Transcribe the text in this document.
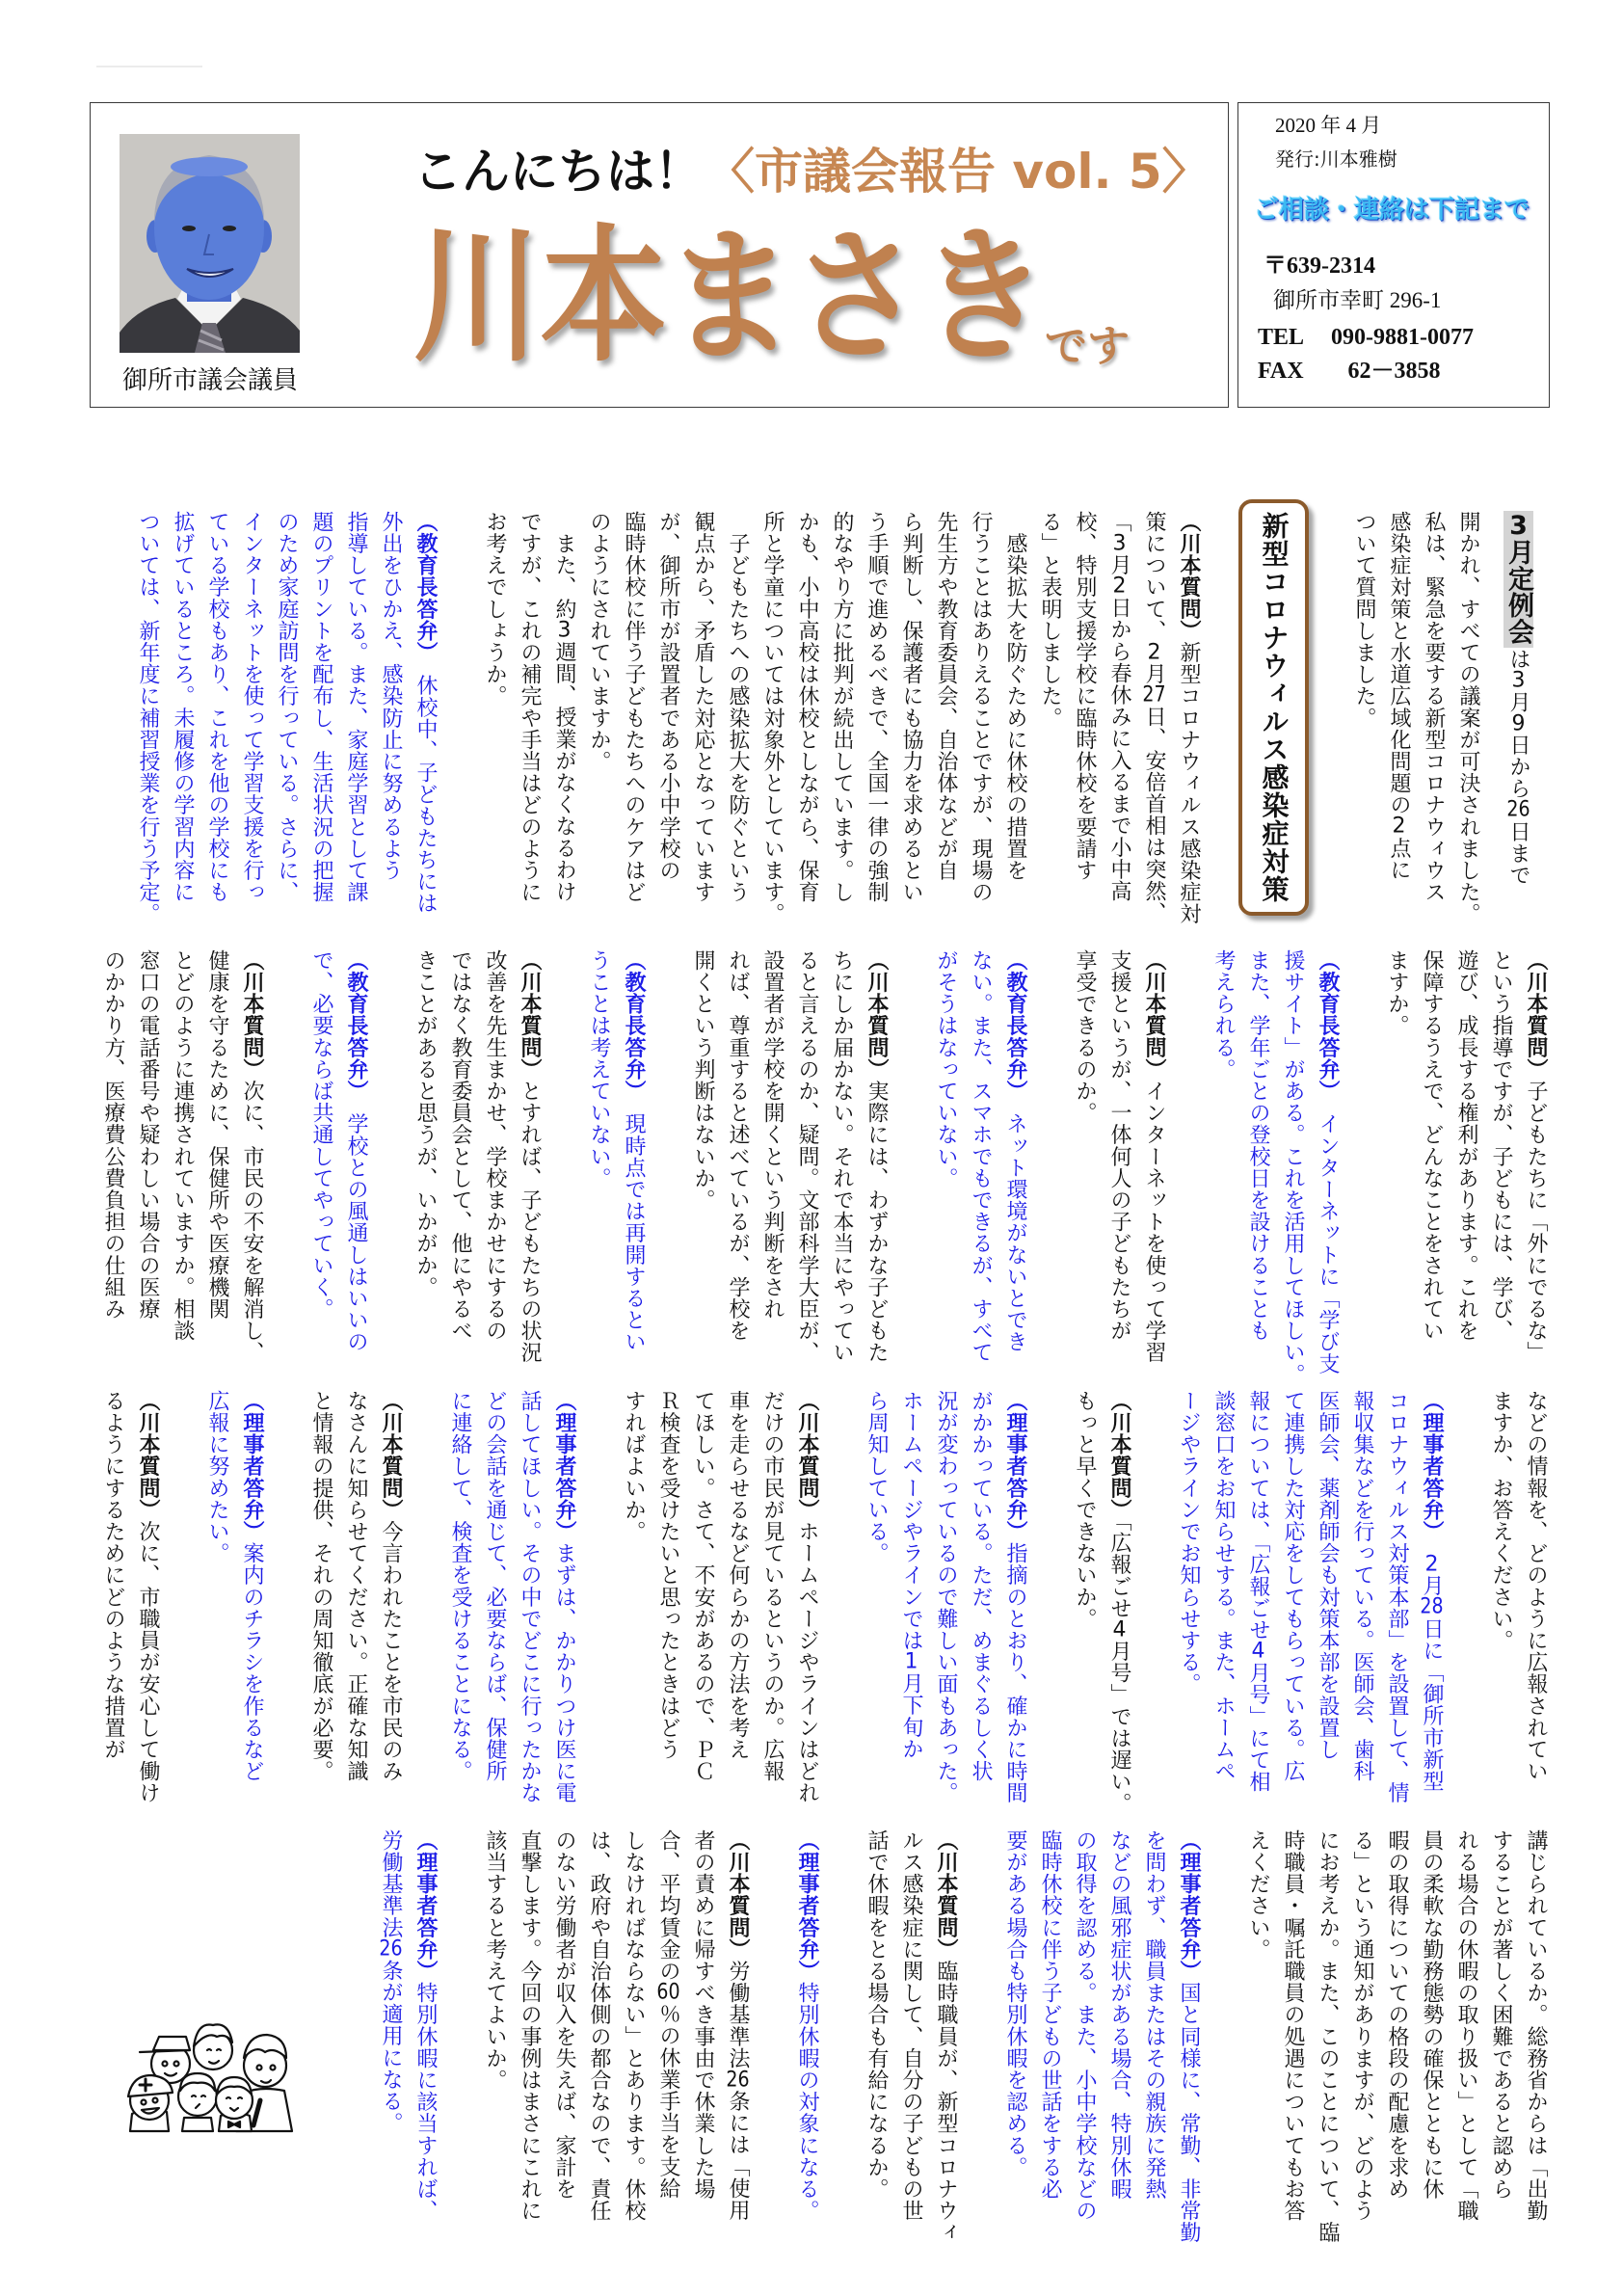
御所市議会議員
こんにちは！〈市議会報告 vol. 5〉
川本まさき
です
2020 年 4 月
発行:川本雅樹
ご相談・連絡は下記まで
〒639-2314
御所市幸町 296-1
TEL 090-9881-0077
FAX 62－3858
3月定例会は3月9日から26日まで
開かれ、すべての議案が可決されました。
私は、緊急を要する新型コロナウィウス
感染症対策と水道広域化問題の2点に
ついて質問しました。
新型コロナウィルス感染症対策
（川本質問）新型コロナウィルス感染症対
策について、2月27日、安倍首相は突然、
「3月2日から春休みに入るまで小中高
校、特別支援学校に臨時休校を要請す
る」と表明しました。
　感染拡大を防ぐために休校の措置を
行うことはありえることですが、現場の
先生方や教育委員会、自治体などが自
ら判断し、保護者にも協力を求めるとい
う手順で進めるべきで、全国一律の強制
的なやり方に批判が続出しています。し
かも、小中高校は休校としながら、保育
所と学童については対象外としています。
　子どもたちへの感染拡大を防ぐという
観点から、矛盾した対応となっています
が、御所市が設置者である小中学校の
臨時休校に伴う子どもたちへのケアはど
のようにされていますか。
　また、約3週間、授業がなくなるわけ
ですが、これの補完や手当はどのように
お考えでしょうか。
（教育長答弁）　休校中、子どもたちには
外出をひかえ、感染防止に努めるよう
指導している。また、家庭学習として課
題のプリントを配布し、生活状況の把握
のため家庭訪問を行っている。さらに、
インターネットを使って学習支援を行っ
ている学校もあり、これを他の学校にも
拡げているところ。未履修の学習内容に
ついては、新年度に補習授業を行う予定。
（川本質問）子どもたちに「外にでるな」
という指導ですが、子どもには、学び、
遊び、成長する権利があります。これを
保障するうえで、どんなことをされてい
ますか。
（教育長答弁）　インターネットに「学び支
援サイト」がある。これを活用してほしい。
また、学年ごとの登校日を設けることも
考えられる。
（川本質問）インターネットを使って学習
支援というが、一体何人の子どもたちが
享受できるのか。
（教育長答弁）　ネット環境がないとでき
ない。また、スマホでもできるが、すべて
がそうはなっていない。
（川本質問）実際には、わずかな子どもた
ちにしか届かない。それで本当にやってい
ると言えるのか、疑問。文部科学大臣が、
設置者が学校を開くという判断をされ
れば、尊重すると述べているが、学校を
開くという判断はないか。
（教育長答弁）　現時点では再開するとい
うことは考えていない。
（川本質問）とすれば、子どもたちの状況
改善を先生まかせ、学校まかせにするの
ではなく教育委員会として、他にやるべ
きことがあると思うが、いかがか。
（教育長答弁）　学校との風通しはいいの
で、必要ならば共通してやっていく。
（川本質問）次に、市民の不安を解消し、
健康を守るために、保健所や医療機関
とどのように連携されていますか。相談
窓口の電話番号や疑わしい場合の医療
のかかり方、医療費公費負担の仕組み
などの情報を、どのように広報されてい
ますか、お答えください。
（理事者答弁）　2月28日に「御所市新型
コロナウィルス対策本部」を設置して、情
報収集などを行っている。医師会、歯科
医師会、薬剤師会も対策本部を設置し
て連携した対応をしてもらっている。広
報については、「広報ごせ4月号」にて相
談窓口をお知らせする。また、ホームペ
ージやラインでお知らせする。
（川本質問）「広報ごせ4月号」では遅い。
もっと早くできないか。
（理事者答弁）指摘のとおり、確かに時間
がかかっている。ただ、めまぐるしく状
況が変わっているので難しい面もあった。
ホームページやラインでは1月下旬か
ら周知している。
（川本質問）ホームページやラインはどれ
だけの市民が見ているというのか。広報
車を走らせるなど何らかの方法を考え
てほしい。さて、不安があるので、ＰＣ
Ｒ検査を受けたいと思ったときはどう
すればよいか。
（理事者答弁）まずは、かかりつけ医に電
話してほしい。その中でどこに行ったかな
どの会話を通じて、必要ならば、保健所
に連絡して、検査を受けることになる。
（川本質問）今言われたことを市民のみ
なさんに知らせてください。正確な知識
と情報の提供、それの周知徹底が必要。
（理事者答弁）案内のチラシを作るなど
広報に努めたい。
（川本質問）次に、市職員が安心して働け
るようにするためにどのような措置が
講じられているか。総務省からは「出勤
することが著しく困難であると認めら
れる場合の休暇の取り扱い」として「職
員の柔軟な勤務態勢の確保とともに休
暇の取得についての格段の配慮を求め
る」という通知がありますが、どのよう
にお考えか。また、このことについて、臨
時職員・嘱託職員の処遇についてもお答
えください。
（理事者答弁）国と同様に、常勤、非常勤
を問わず、職員またはその親族に発熱
などの風邪症状がある場合、特別休暇
の取得を認める。また、小中学校などの
臨時休校に伴う子どもの世話をする必
要がある場合も特別休暇を認める。
（川本質問）臨時職員が、新型コロナウィ
ルス感染症に関して、自分の子どもの世
話で休暇をとる場合も有給になるか。
（理事者答弁）特別休暇の対象になる。
（川本質問）労働基準法26条には「使用
者の責めに帰すべき事由で休業した場
合、平均賃金の60％の休業手当を支給
しなければならない」とあります。休校
は、政府や自治体側の都合なので、責任
のない労働者が収入を失えば、家計を
直撃します。今回の事例はまさにこれに
該当すると考えてよいか。
（理事者答弁）特別休暇に該当すれば、
労働基準法26条が適用になる。
